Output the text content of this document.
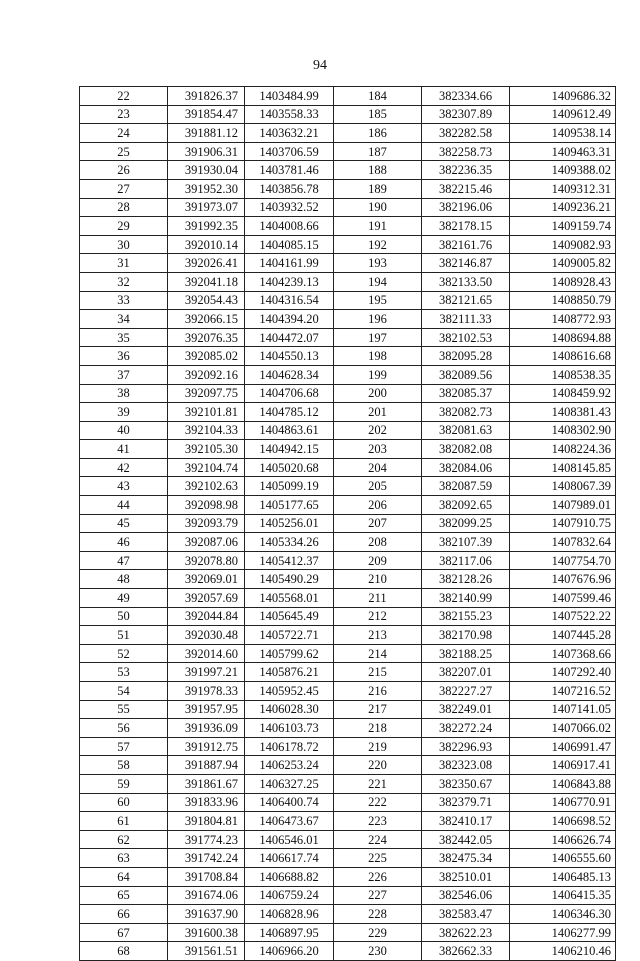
94
22	391826.37	1403484.99	184	382334.66	1409686.32
23	391854.47	1403558.33	185	382307.89	1409612.49
24	391881.12	1403632.21	186	382282.58	1409538.14
25	391906.31	1403706.59	187	382258.73	1409463.31
26	391930.04	1403781.46	188	382236.35	1409388.02
27	391952.30	1403856.78	189	382215.46	1409312.31
28	391973.07	1403932.52	190	382196.06	1409236.21
29	391992.35	1404008.66	191	382178.15	1409159.74
30	392010.14	1404085.15	192	382161.76	1409082.93
31	392026.41	1404161.99	193	382146.87	1409005.82
32	392041.18	1404239.13	194	382133.50	1408928.43
33	392054.43	1404316.54	195	382121.65	1408850.79
34	392066.15	1404394.20	196	382111.33	1408772.93
35	392076.35	1404472.07	197	382102.53	1408694.88
36	392085.02	1404550.13	198	382095.28	1408616.68
37	392092.16	1404628.34	199	382089.56	1408538.35
38	392097.75	1404706.68	200	382085.37	1408459.92
39	392101.81	1404785.12	201	382082.73	1408381.43
40	392104.33	1404863.61	202	382081.63	1408302.90
41	392105.30	1404942.15	203	382082.08	1408224.36
42	392104.74	1405020.68	204	382084.06	1408145.85
43	392102.63	1405099.19	205	382087.59	1408067.39
44	392098.98	1405177.65	206	382092.65	1407989.01
45	392093.79	1405256.01	207	382099.25	1407910.75
46	392087.06	1405334.26	208	382107.39	1407832.64
47	392078.80	1405412.37	209	382117.06	1407754.70
48	392069.01	1405490.29	210	382128.26	1407676.96
49	392057.69	1405568.01	211	382140.99	1407599.46
50	392044.84	1405645.49	212	382155.23	1407522.22
51	392030.48	1405722.71	213	382170.98	1407445.28
52	392014.60	1405799.62	214	382188.25	1407368.66
53	391997.21	1405876.21	215	382207.01	1407292.40
54	391978.33	1405952.45	216	382227.27	1407216.52
55	391957.95	1406028.30	217	382249.01	1407141.05
56	391936.09	1406103.73	218	382272.24	1407066.02
57	391912.75	1406178.72	219	382296.93	1406991.47
58	391887.94	1406253.24	220	382323.08	1406917.41
59	391861.67	1406327.25	221	382350.67	1406843.88
60	391833.96	1406400.74	222	382379.71	1406770.91
61	391804.81	1406473.67	223	382410.17	1406698.52
62	391774.23	1406546.01	224	382442.05	1406626.74
63	391742.24	1406617.74	225	382475.34	1406555.60
64	391708.84	1406688.82	226	382510.01	1406485.13
65	391674.06	1406759.24	227	382546.06	1406415.35
66	391637.90	1406828.96	228	382583.47	1406346.30
67	391600.38	1406897.95	229	382622.23	1406277.99
68	391561.51	1406966.20	230	382662.33	1406210.46
